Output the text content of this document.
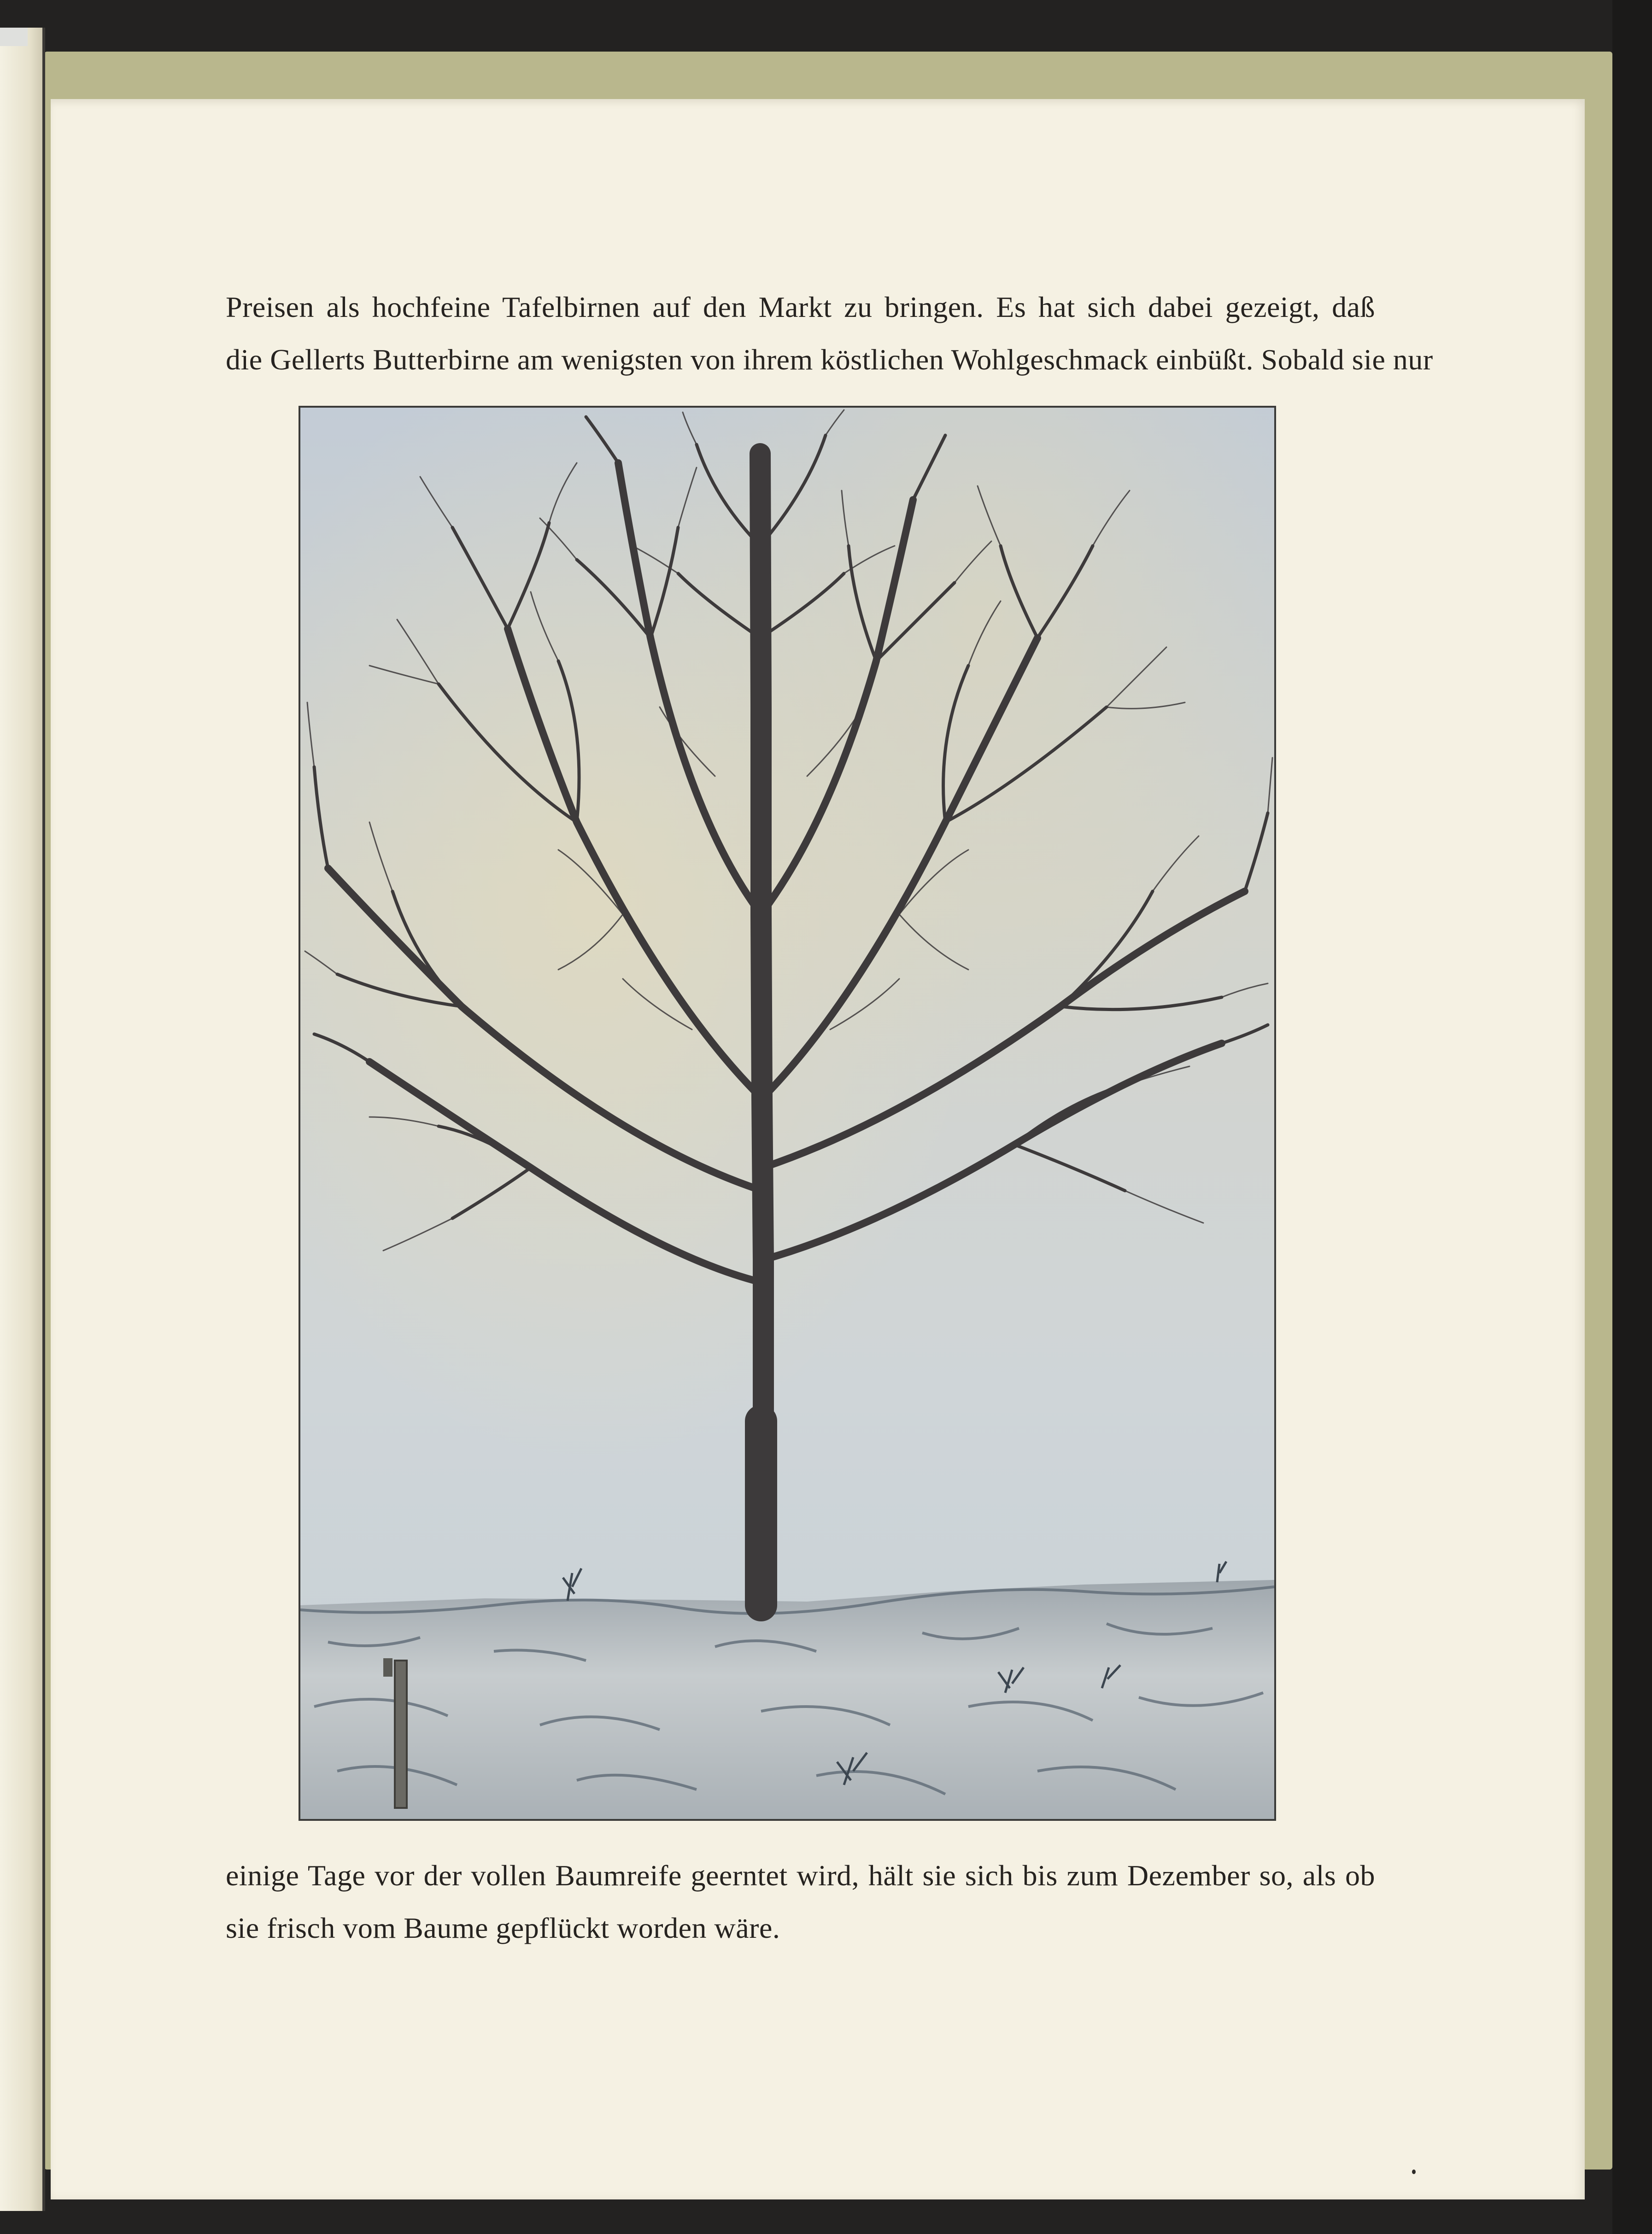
Preisen als hochfeine Tafelbirnen auf den Markt zu bringen. Es hat sich dabei gezeigt, daß
die Gellerts Butterbirne am wenigsten von ihrem köstlichen Wohlgeschmack einbüßt. Sobald sie nur
einige Tage vor der vollen Baumreife geerntet wird, hält sie sich bis zum Dezember so, als ob
sie frisch vom Baume gepflückt worden wäre.
